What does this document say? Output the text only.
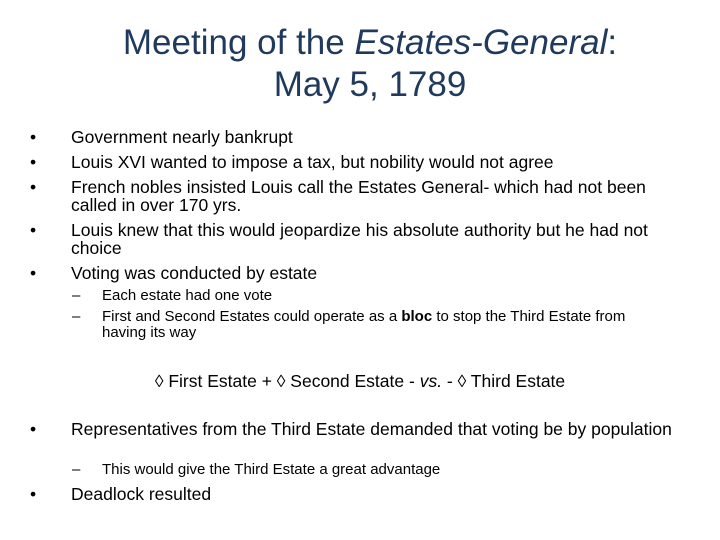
Meeting of the Estates-General:
May 5, 1789
• Government nearly bankrupt
• Louis XVI wanted to impose a tax, but nobility would not agree
• French nobles insisted Louis call the Estates General- which had not been called in over 170 yrs.
• Louis knew that this would jeopardize his absolute authority but he had not choice
• Voting was conducted by estate
– Each estate had one vote
– First and Second Estates could operate as a bloc to stop the Third Estate from having its way
◊ First Estate + ◊ Second Estate - vs. - ◊ Third Estate
• Representatives from the Third Estate demanded that voting be by population
– This would give the Third Estate a great advantage
• Deadlock resulted
